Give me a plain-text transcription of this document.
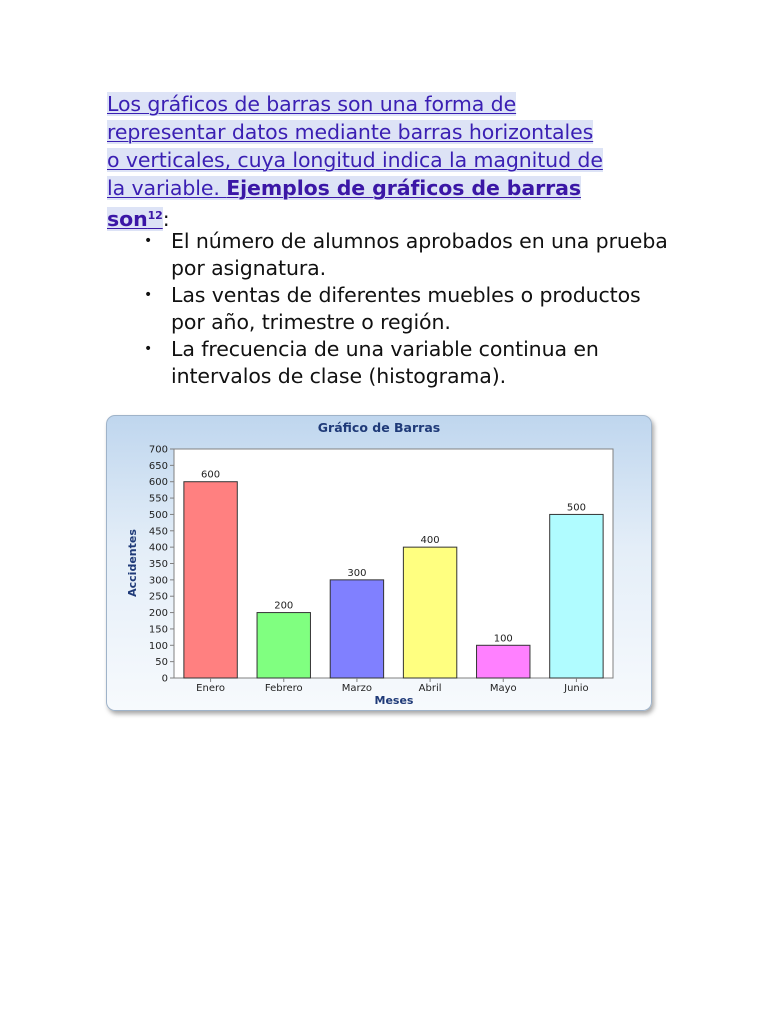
Los gráficos de barras son una forma de
representar datos mediante barras horizontales
o verticales, cuya longitud indica la magnitud de
la variable. Ejemplos de gráficos de barras
son$^{12}$:
• El número de alumnos aprobados en una prueba por asignatura.
• Las ventas de diferentes muebles o productos por año, trimestre o región.
• La frecuencia de una variable continua en intervalos de clase (histograma).
Gráfico de Barras
0
50
100
150
200
250
300
350
400
450
500
550
600
650
700
600
200
300
400
100
500
Enero	Febrero	Marzo	Abril	Mayo	Junio
Accidentes
Meses
